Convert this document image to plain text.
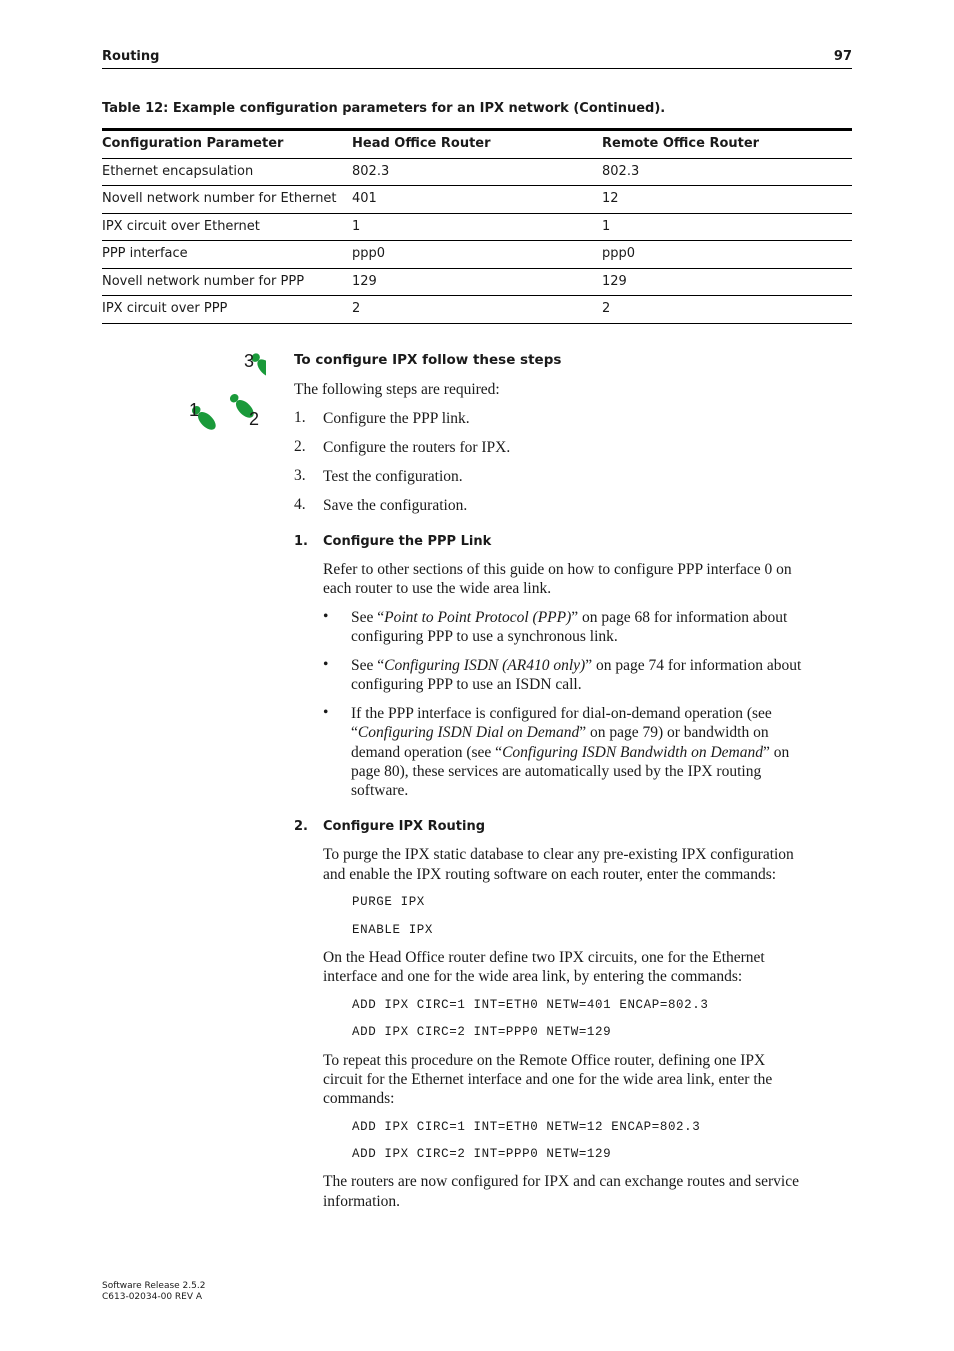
Routing	97
Table 12: Example configuration parameters for an IPX network (Continued).
Configuration Parameter	Head Office Router	Remote Office Router
Ethernet encapsulation	802.3	802.3
Novell network number for Ethernet 401	12
IPX circuit over Ethernet	1	1
PPP interface	ppp0	ppp0
Novell network number for PPP	129	129
IPX circuit over PPP	2	2
3
2
1
To configure IPX follow these steps
The following steps are required:
1. Configure the PPP link.
2. Configure the routers for IPX.
3. Test the configuration.
4. Save the configuration.
1. Configure the PPP Link
Refer to other sections of this guide on how to configure PPP interface 0 on
each router to use the wide area link.
• See “Point to Point Protocol (PPP)” on page 68 for information about
configuring PPP to use a synchronous link.
• See “Configuring ISDN (AR410 only)” on page 74 for information about
configuring PPP to use an ISDN call.
• If the PPP interface is configured for dial-on-demand operation (see
“Configuring ISDN Dial on Demand” on page 79) or bandwidth on
demand operation (see “Configuring ISDN Bandwidth on Demand” on
page 80), these services are automatically used by the IPX routing
software.
2. Configure IPX Routing
To purge the IPX static database to clear any pre-existing IPX configuration
and enable the IPX routing software on each router, enter the commands:
PURGE IPX
ENABLE IPX
On the Head Office router define two IPX circuits, one for the Ethernet
interface and one for the wide area link, by entering the commands:
ADD IPX CIRC=1 INT=ETH0 NETW=401 ENCAP=802.3
ADD IPX CIRC=2 INT=PPP0 NETW=129
To repeat this procedure on the Remote Office router, defining one IPX
circuit for the Ethernet interface and one for the wide area link, enter the
commands:
ADD IPX CIRC=1 INT=ETH0 NETW=12 ENCAP=802.3
ADD IPX CIRC=2 INT=PPP0 NETW=129
The routers are now configured for IPX and can exchange routes and service
information.
Software Release 2.5.2
C613-02034-00 REV A
